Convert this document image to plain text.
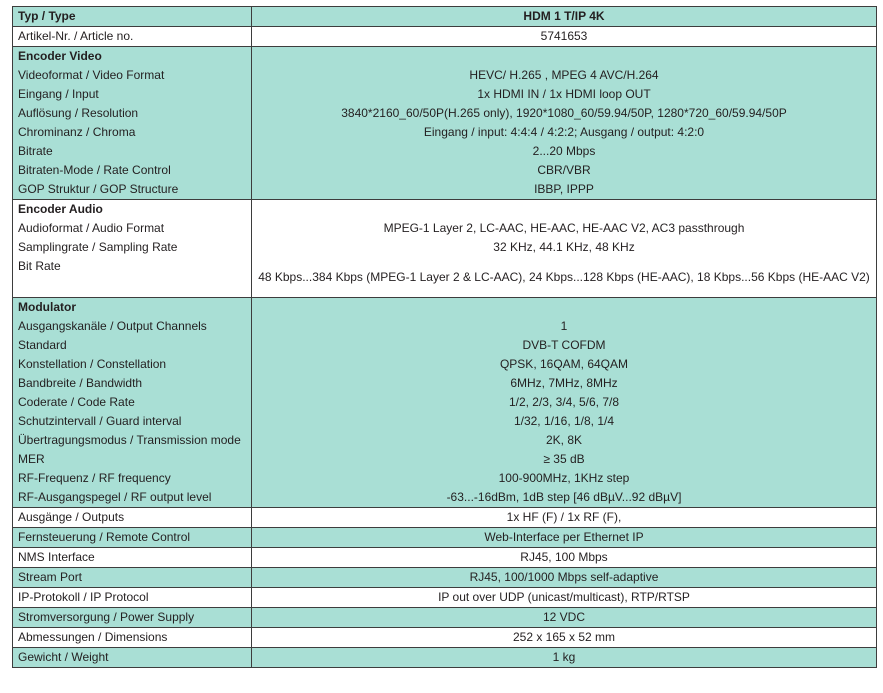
Typ / Type	HDM 1 T/IP 4K
Artikel-Nr. / Article no.	5741653
Encoder Video	
Videoformat / Video Format	HEVC/ H.265 , MPEG 4 AVC/H.264
Eingang / Input	1x HDMI IN / 1x HDMI loop OUT
Auflösung / Resolution	3840*2160_60/50P(H.265 only), 1920*1080_60/59.94/50P, 1280*720_60/59.94/50P
Chrominanz / Chroma	Eingang / input: 4:4:4 / 4:2:2; Ausgang / output: 4:2:0
Bitrate	2...20 Mbps
Bitraten-Mode / Rate Control	CBR/VBR
GOP Struktur / GOP Structure	IBBP, IPPP
Encoder Audio	
Audioformat / Audio Format	MPEG-1 Layer 2, LC-AAC, HE-AAC, HE-AAC V2, AC3 passthrough
Samplingrate / Sampling Rate	32 KHz, 44.1 KHz, 48 KHz
Bit Rate	48 Kbps...384 Kbps (MPEG-1 Layer 2 & LC-AAC), 24 Kbps...128 Kbps (HE-AAC), 18 Kbps...56 Kbps (HE-AAC V2)
Modulator	
Ausgangskanäle / Output Channels	1
Standard	DVB-T COFDM
Konstellation / Constellation	QPSK, 16QAM, 64QAM
Bandbreite / Bandwidth	6MHz, 7MHz, 8MHz
Coderate / Code Rate	1/2, 2/3, 3/4, 5/6, 7/8
Schutzintervall / Guard interval	1/32, 1/16, 1/8, 1/4
Übertragungsmodus / Transmission mode	2K, 8K
MER	≥ 35 dB
RF-Frequenz / RF frequency	100-900MHz, 1KHz step
RF-Ausgangspegel / RF output level	-63...-16dBm, 1dB step [46 dBµV...92 dBµV]
Ausgänge / Outputs	1x HF (F) / 1x RF (F),
Fernsteuerung / Remote Control	Web-Interface per Ethernet IP
NMS Interface	RJ45, 100 Mbps
Stream Port	RJ45, 100/1000 Mbps self-adaptive
IP-Protokoll / IP Protocol	IP out over UDP (unicast/multicast), RTP/RTSP
Stromversorgung / Power Supply	12 VDC
Abmessungen / Dimensions	252 x 165 x 52 mm
Gewicht / Weight	1 kg
